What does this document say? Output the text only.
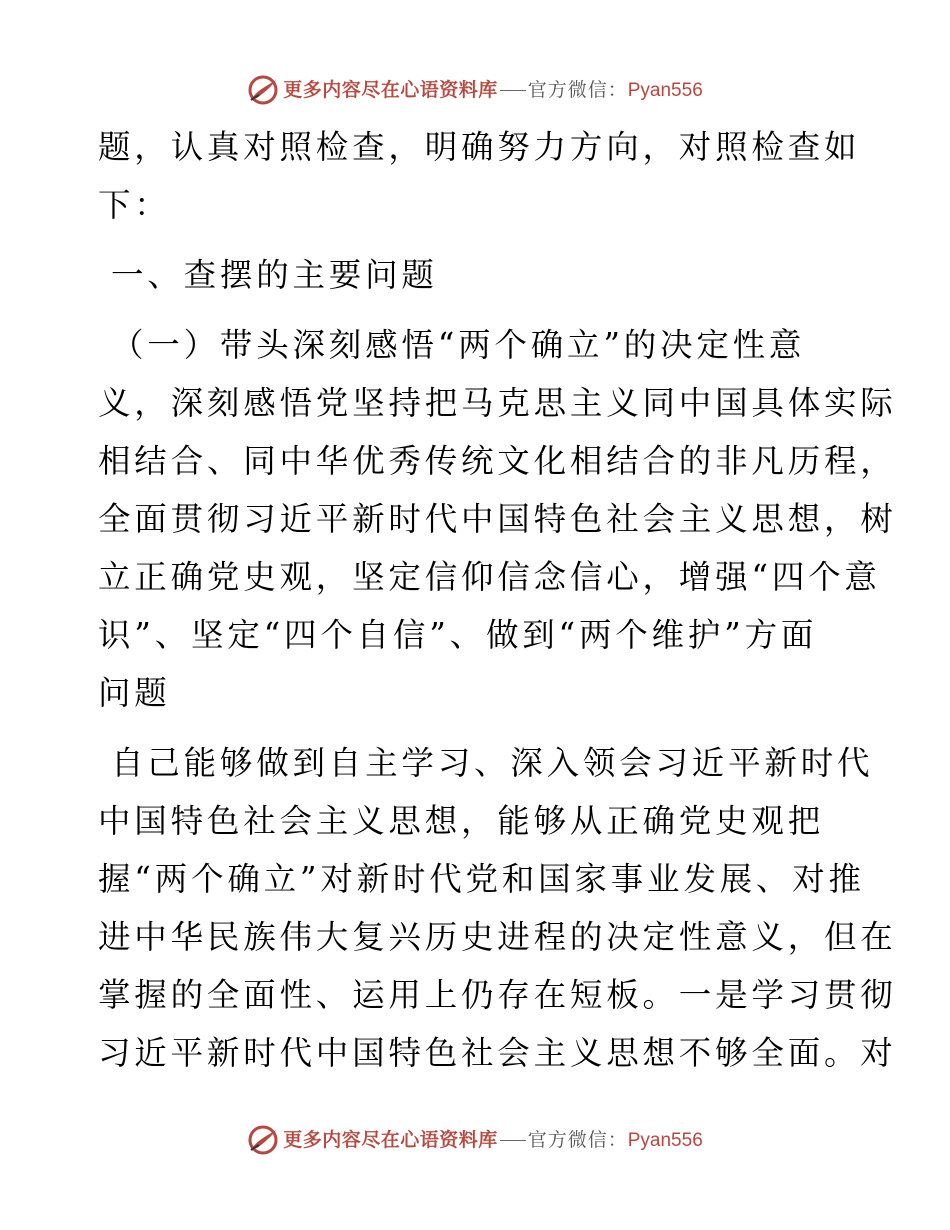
更多内容尽在心语资料库 官方微信： Pyan556
题，认真对照检查，明确努力方向，对照检查如
下：
一、查摆的主要问题
（一）带头深刻感悟“两个确立”的决定性意
义，深刻感悟党坚持把马克思主义同中国具体实际
相结合、同中华优秀传统文化相结合的非凡历程，
全面贯彻习近平新时代中国特色社会主义思想，树
立正确党史观，坚定信仰信念信心，增强“四个意
识”、坚定“四个自信”、做到“两个维护”方面
问题
自己能够做到自主学习、深入领会习近平新时代
中国特色社会主义思想，能够从正确党史观把
握“两个确立”对新时代党和国家事业发展、对推
进中华民族伟大复兴历史进程的决定性意义，但在
掌握的全面性、运用上仍存在短板。一是学习贯彻
习近平新时代中国特色社会主义思想不够全面。对
更多内容尽在心语资料库 官方微信： Pyan556
